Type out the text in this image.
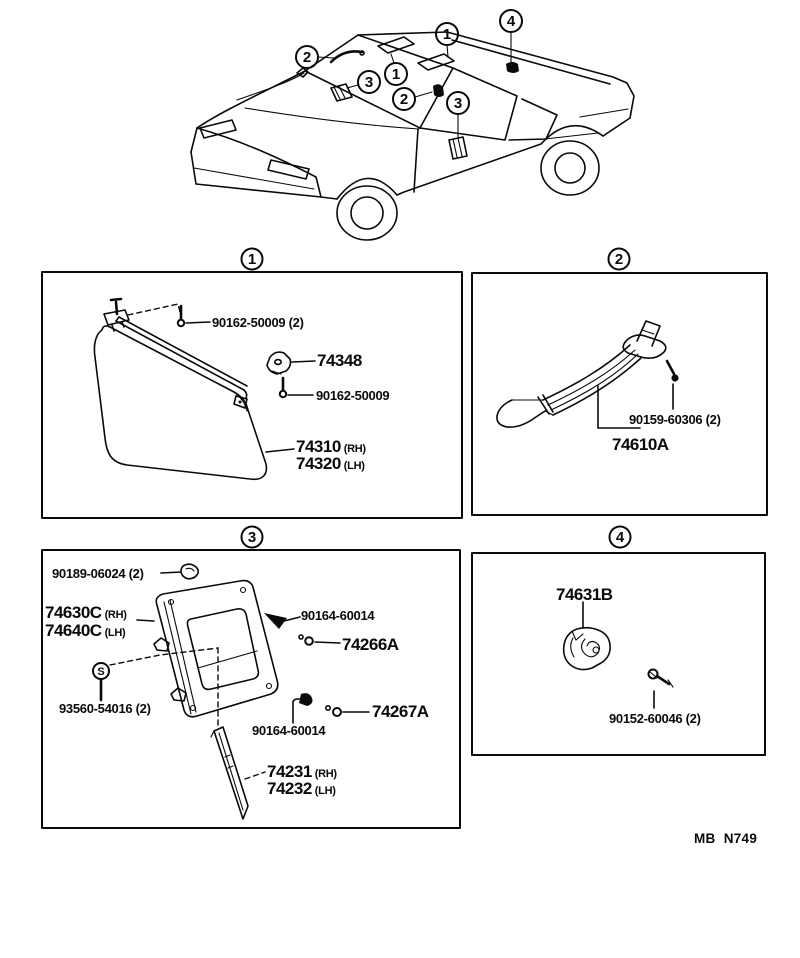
2
1
4
3 1
2	3
1	2
3	4
S
90162-50009 (2)
74348
90162-50009
74310 (RH)
74320 (LH)
90159-60306 (2)
74610A
90189-06024 (2)
74630C (RH)
74640C (LH)
90164-60014
74266A
93560-54016 (2)
90164-60014
74267A
74231 (RH)
74232 (LH)
74631B
90152-60046 (2)
MB  N749
